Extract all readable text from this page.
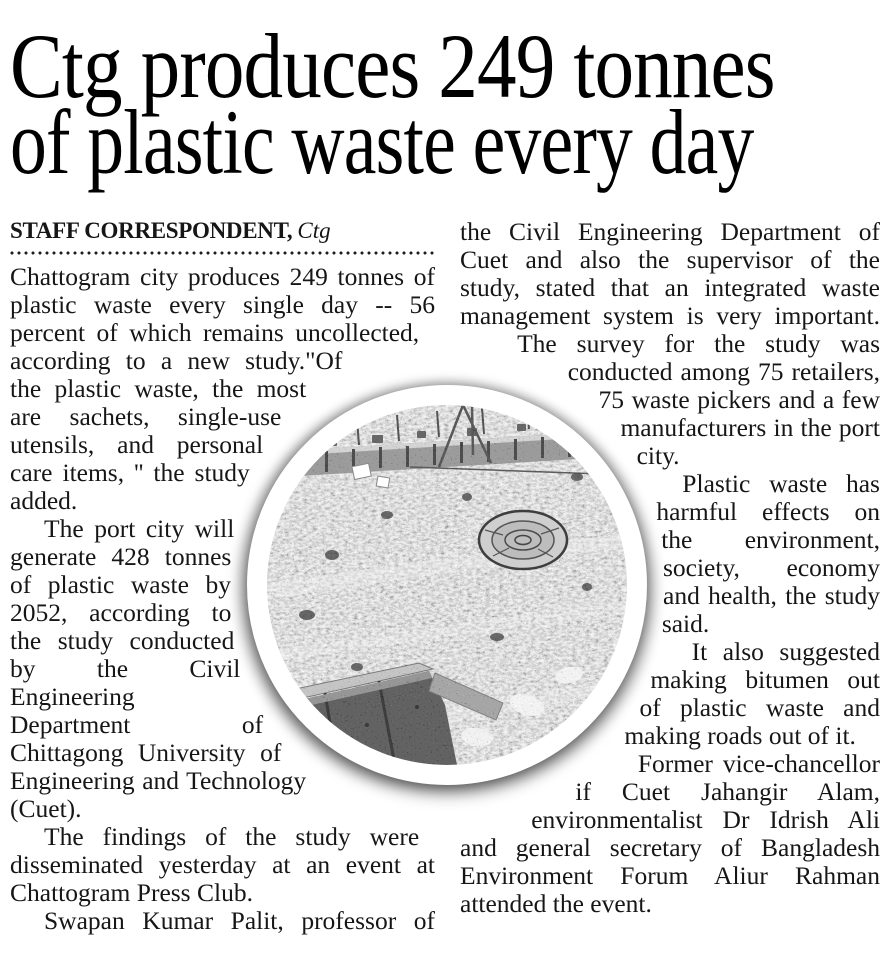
Ctg produces 249 tonnes
of plastic waste every day
STAFF CORRESPONDENT, Ctg

Chattogram city produces 249 tonnes of plastic waste every single day -- 56 percent of which remains uncollected, according to a new study."Of the plastic waste, the most are sachets, single-use utensils, and personal care items, '' the study added.

The port city will generate 428 tonnes of plastic waste by 2052, according to the study conducted by the Civil Engineering Department of Chittagong University of Engineering and Technology (Cuet).

The findings of the study were disseminated yesterday at an event at Chattogram Press Club.

Swapan Kumar Palit, professor of

the Civil Engineering Department of Cuet and also the supervisor of the study, stated that an integrated waste management system is very important. The survey for the study was conducted among 75 retailers, 75 waste pickers and a few manufacturers in the port city.

Plastic waste has harmful effects on the environment, society, economy and health, the study said.

It also suggested making bitumen out of plastic waste and making roads out of it.

Former vice-chancellor if Cuet Jahangir Alam, environmentalist Dr Idrish Ali and general secretary of Bangladesh Environment Forum Aliur Rahman attended the event.
